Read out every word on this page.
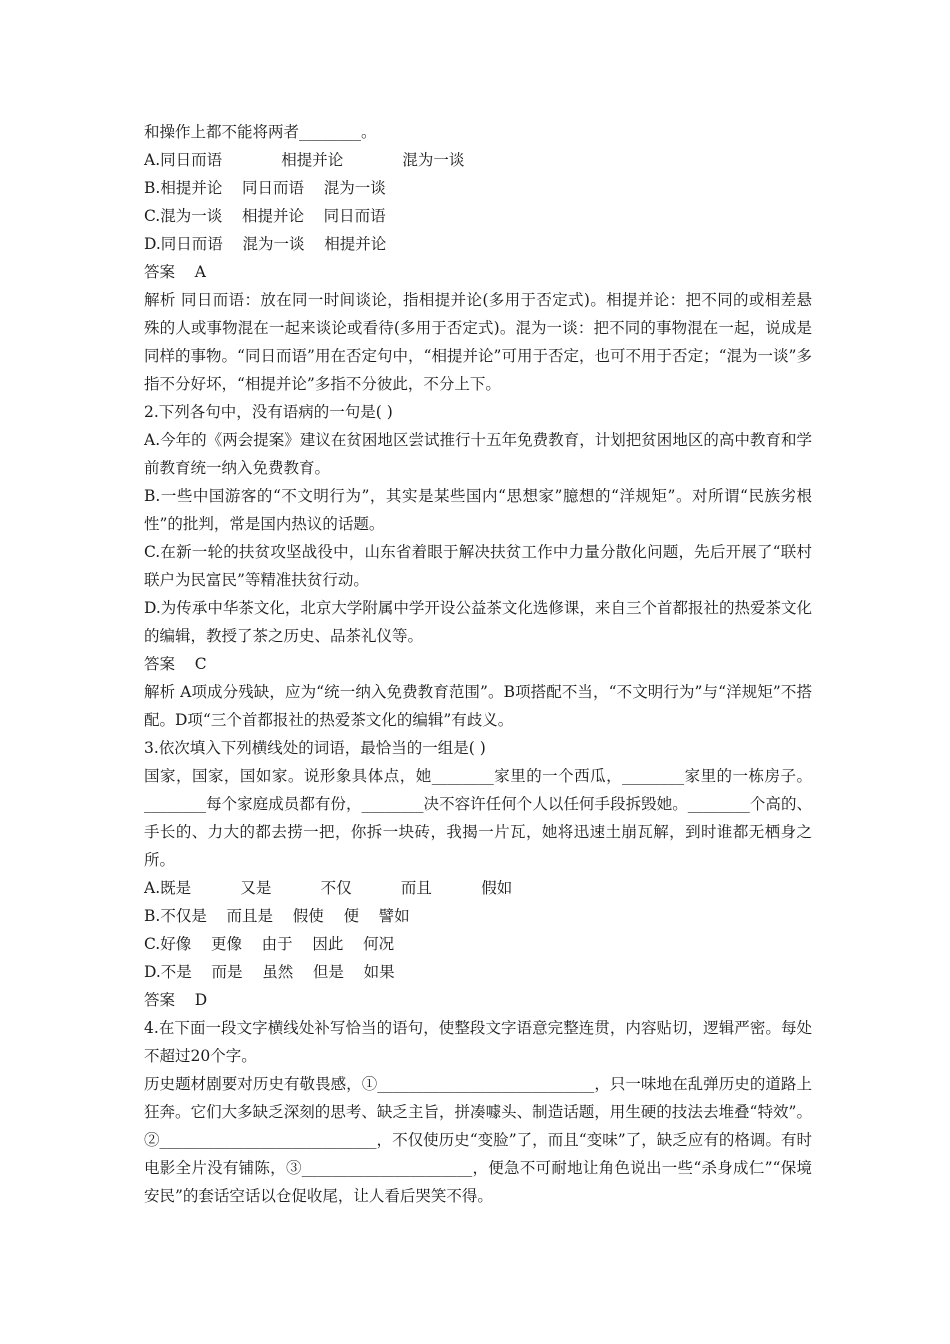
和操作上都不能将两者________。
A.同日而语            相提并论            混为一谈
B.相提并论    同日而语    混为一谈
C.混为一谈    相提并论    同日而语
D.同日而语    混为一谈    相提并论
答案    A
解析 同日而语：放在同一时间谈论，指相提并论(多用于否定式)。相提并论：把不同的或相差悬殊的人或事物混在一起来谈论或看待(多用于否定式)。混为一谈：把不同的事物混在一起，说成是同样的事物。“同日而语”用在否定句中，“相提并论”可用于否定，也可不用于否定；“混为一谈”多指不分好坏，“相提并论”多指不分彼此，不分上下。
2.下列各句中，没有语病的一句是( )
A.今年的《两会提案》建议在贫困地区尝试推行十五年免费教育，计划把贫困地区的高中教育和学前教育统一纳入免费教育。
B.一些中国游客的“不文明行为”，其实是某些国内“思想家”臆想的“洋规矩”。对所谓“民族劣根性”的批判，常是国内热议的话题。
C.在新一轮的扶贫攻坚战役中，山东省着眼于解决扶贫工作中力量分散化问题，先后开展了“联村联户为民富民”等精准扶贫行动。
D.为传承中华茶文化，北京大学附属中学开设公益茶文化选修课，来自三个首都报社的热爱茶文化的编辑，教授了茶之历史、品茶礼仪等。
答案    C
解析 A项成分残缺，应为“统一纳入免费教育范围”。B项搭配不当，“不文明行为”与“洋规矩”不搭配。D项“三个首都报社的热爱茶文化的编辑”有歧义。
3.依次填入下列横线处的词语，最恰当的一组是( )
国家，国家，国如家。说形象具体点，她________家里的一个西瓜，________家里的一栋房子。________每个家庭成员都有份，________决不容许任何个人以任何手段拆毁她。________个高的、手长的、力大的都去捞一把，你拆一块砖，我揭一片瓦，她将迅速土崩瓦解，到时谁都无栖身之所。
A.既是          又是          不仅          而且          假如
B.不仅是    而且是    假使    便    譬如
C.好像    更像    由于    因此    何况
D.不是    而是    虽然    但是    如果
答案    D
4.在下面一段文字横线处补写恰当的语句，使整段文字语意完整连贯，内容贴切，逻辑严密。每处不超过20个字。
历史题材剧要对历史有敬畏感，①____________________________，只一味地在乱弹历史的道路上狂奔。它们大多缺乏深刻的思考、缺乏主旨，拼凑噱头、制造话题，用生硬的技法去堆叠“特效”。②____________________________，不仅使历史“变脸”了，而且“变味”了，缺乏应有的格调。有时电影全片没有铺陈，③______________________，便急不可耐地让角色说出一些“杀身成仁”“保境安民”的套话空话以仓促收尾，让人看后哭笑不得。
